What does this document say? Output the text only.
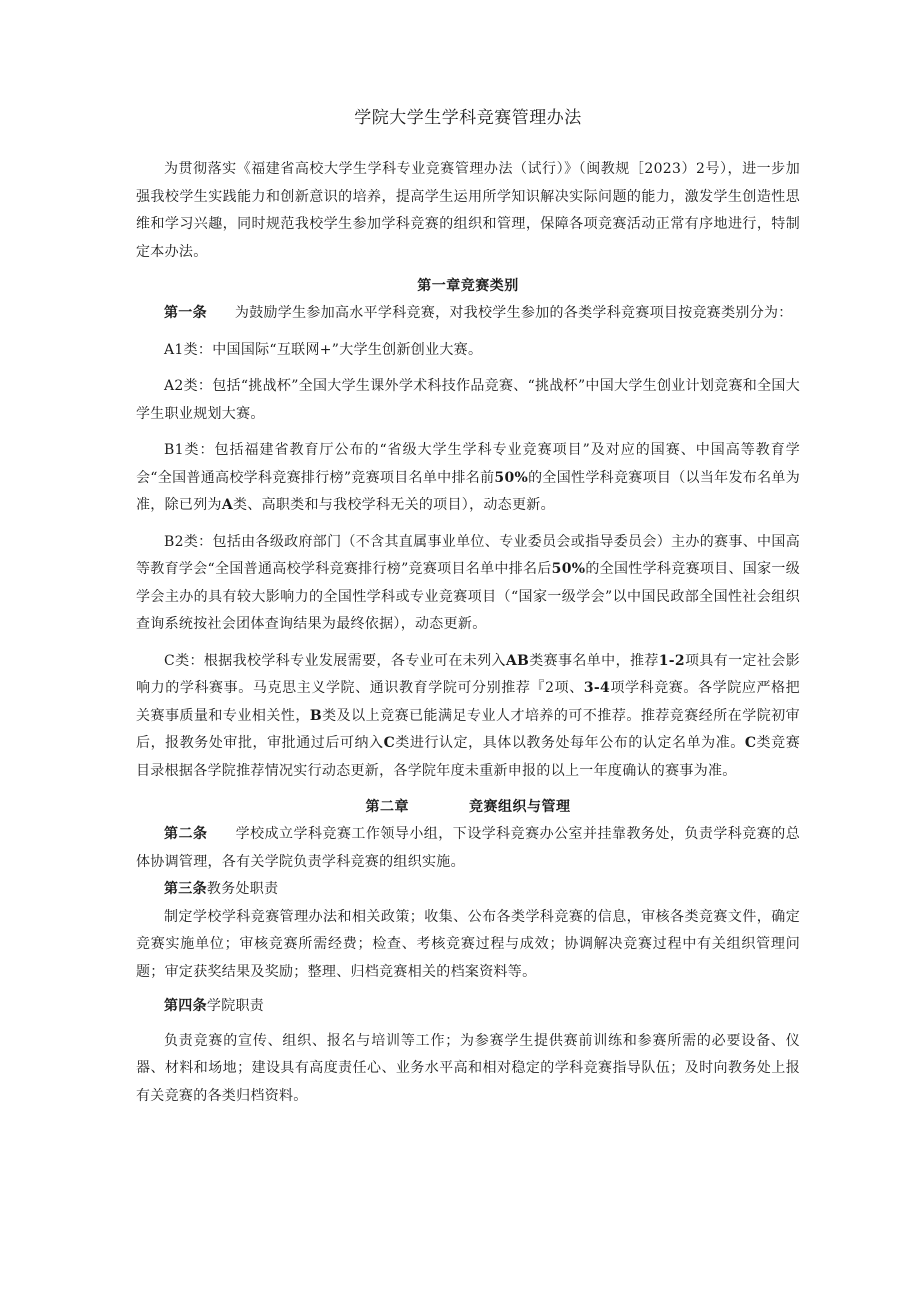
学院大学生学科竞赛管理办法

为贯彻落实《福建省高校大学生学科专业竞赛管理办法（试行）》（闽教规［2023）2号），进一步加强我校学生实践能力和创新意识的培养，提高学生运用所学知识解决实际问题的能力，激发学生创造性思维和学习兴趣，同时规范我校学生参加学科竞赛的组织和管理，保障各项竞赛活动正常有序地进行，特制定本办法。

第一章竞赛类别

第一条 为鼓励学生参加高水平学科竞赛，对我校学生参加的各类学科竞赛项目按竞赛类别分为：

A1类：中国国际“互联网+”大学生创新创业大赛。

A2类：包括“挑战杯”全国大学生课外学术科技作品竞赛、“挑战杯”中国大学生创业计划竞赛和全国大学生职业规划大赛。

B1类：包括福建省教育厅公布的“省级大学生学科专业竞赛项目”及对应的国赛、中国高等教育学会“全国普通高校学科竞赛排行榜”竞赛项目名单中排名前50%的全国性学科竞赛项目（以当年发布名单为准，除已列为A类、高职类和与我校学科无关的项目），动态更新。

B2类：包括由各级政府部门（不含其直属事业单位、专业委员会或指导委员会）主办的赛事、中国高等教育学会“全国普通高校学科竞赛排行榜”竞赛项目名单中排名后50%的全国性学科竞赛项目、国家一级学会主办的具有较大影响力的全国性学科或专业竞赛项目（“国家一级学会”以中国民政部全国性社会组织查询系统按社会团体查询结果为最终依据），动态更新。

C类：根据我校学科专业发展需要，各专业可在未列入AB类赛事名单中，推荐1-2项具有一定社会影响力的学科赛事。马克思主义学院、通识教育学院可分别推荐『2项、3-4项学科竞赛。各学院应严格把关赛事质量和专业相关性，B类及以上竞赛已能满足专业人才培养的可不推荐。推荐竞赛经所在学院初审后，报教务处审批，审批通过后可纳入C类进行认定，具体以教务处每年公布的认定名单为准。C类竞赛目录根据各学院推荐情况实行动态更新，各学院年度未重新申报的以上一年度确认的赛事为准。

第二章	竞赛组织与管理

第二条 学校成立学科竞赛工作领导小组，下设学科竞赛办公室并挂靠教务处，负责学科竞赛的总体协调管理，各有关学院负责学科竞赛的组织实施。

第三条教务处职责

制定学校学科竞赛管理办法和相关政策；收集、公布各类学科竞赛的信息，审核各类竞赛文件，确定竞赛实施单位；审核竞赛所需经费；检查、考核竞赛过程与成效；协调解决竞赛过程中有关组织管理问题；审定获奖结果及奖励；整理、归档竞赛相关的档案资料等。

第四条学院职责

负责竞赛的宣传、组织、报名与培训等工作；为参赛学生提供赛前训练和参赛所需的必要设备、仪器、材料和场地；建设具有高度责任心、业务水平高和相对稳定的学科竞赛指导队伍；及时向教务处上报有关竞赛的各类归档资料。
